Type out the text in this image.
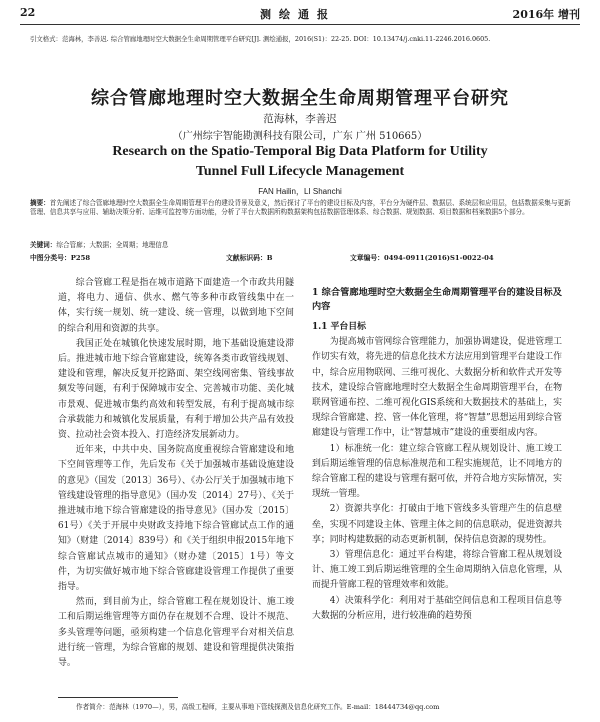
22	测绘通报	2016年 增刊
引文格式：范海林，李善迟. 综合管廊地理时空大数据全生命周期管理平台研究[J]. 测绘通报，2016(S1)：22-25. DOI：10.13474/j.cnki.11-2246.2016.0605.
综合管廊地理时空大数据全生命周期管理平台研究
范海林，李善迟
（广州综宇智能勘测科技有限公司，广东 广州 510665）
Research on the Spatio-Temporal Big Data Platform for Utility
Tunnel Full Lifecycle Management
FAN Hailin，LI Shanchi
摘要：首先阐述了综合管廊地理时空大数据全生命周期管理平台的建设背景及意义，然后探讨了平台的建设目标及内容，平台分为硬件层、数据层、系统层和应用层，包括数据采集与更新管理、信息共享与应用、辅助决策分析、运维可监控等方面功能，分析了平台大数据所构数据架构包括数据管理体系、综合数据、规划数据、项目数据和档案数据5个部分。
关键词：综合管廊；大数据；全周期；地理信息
中图分类号：P258	文献标识码：B	文章编号：0494-0911(2016)S1-0022-04

综合管廊工程是指在城市道路下面建造一个市政共用隧道，将电力、通信、供水、燃气等多种市政管线集中在一体，实行统一规划、统一建设、统一管理，以做到地下空间的综合利用和资源的共享。

我国正处在城镇化快速发展时期，地下基础设施建设滞后。推进城市地下综合管廊建设，统筹各类市政管线规划、建设和管理，解决反复开挖路面、架空线网密集、管线事故频发等问题，有利于保障城市安全、完善城市功能、美化城市景观、促进城市集约高效和转型发展，有利于提高城市综合承载能力和城镇化发展质量，有利于增加公共产品有效投资、拉动社会资本投入、打造经济发展新动力。

近年来，中共中央、国务院高度重视综合管廊建设和地下空间管理等工作，先后发布《关于加强城市基础设施建设的意见》（国发〔2013〕36号）、《办公厅关于加强城市地下管线建设管理的指导意见》（国办发〔2014〕27号）、《关于推进城市地下综合管廊建设的指导意见》（国办发〔2015〕61号）《关于开展中央财政支持地下综合管廊试点工作的通知》（财建〔2014〕839号）和《关于组织申报2015年地下综合管廊试点城市的通知》（财办建〔2015〕1号）等文件，为切实做好城市地下综合管廊建设管理工作提供了重要指导。

然而，到目前为止，综合管廊工程在规划设计、施工竣工和后期运维管理等方面仍存在规划不合理、设计不规范、多头管理等问题，亟须构建一个信息化管理平台对相关信息进行统一管理，为综合管廊的规划、建设和管理提供决策指导。

1 综合管廊地理时空大数据全生命周期管理平台的建设目标及内容
1.1 平台目标

为提高城市管网综合管理能力，加强协调建设，促进管理工作切实有效，将先进的信息化技术方法应用到管理平台建设工作中，综合应用物联网、三维可视化、大数据分析和软件式开发等技术，建设综合管廊地理时空大数据全生命周期管理平台，在物联网管通布控、二维可视化GIS系统和大数据技术的基础上，实现综合管廊建、控、管一体化管理，将“智慧”思想运用到综合管廊建设与管理工作中，让“智慧城市”建设的重要组成内容。

1）标准统一化：建立综合管廊工程从规划设计、施工竣工到后期运维管理的信息标准规范和工程实施规范，让不同地方的综合管廊工程的建设与管理有据可依，并符合地方实际情况，实现统一管理。

2）资源共享化：打破由于地下管线多头管理产生的信息壁垒，实现不同建设主体、管理主体之间的信息联动，促进资源共享；同时构建数据的动态更新机制，保持信息资源的现势性。

3）管理信息化：通过平台构建，将综合管廊工程从规划设计、施工竣工到后期运维管理的全生命周期纳入信息化管理，从而提升管廊工程的管理效率和效能。

4）决策科学化：利用对于基础空间信息和工程项目信息等大数据的分析应用，进行较准确的趋势预

作者简介：范海林（1970—），男，高级工程师，主要从事地下管线探测及信息化研究工作。E-mail：18444734@qq.com
